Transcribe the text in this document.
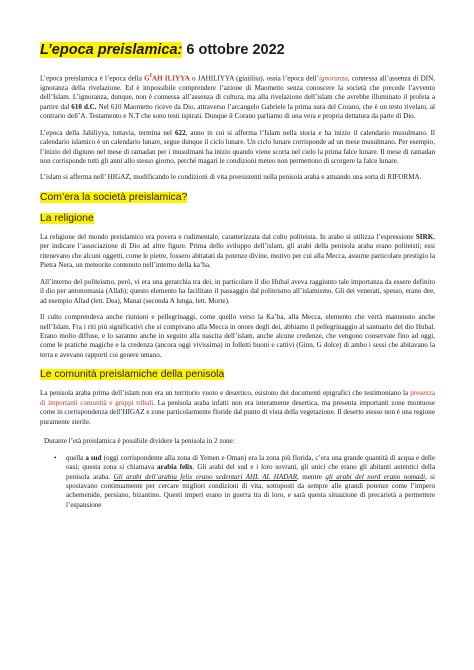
L’epoca preislamica: 6 ottobre 2022

L’epoca preislamica è l’epoca della $G^IAH$ ILIYYA o JAHILIYYA (giaiiliia), ossia l’epoca dell’ignoranza, connessa all’assenza di DIN, ignoranza della rivelazione. Ed è impossibile comprendere l’azione di Maometto senza conoscere la società che precede l’avvento dell’Islam. L’ignoranza, dunque, non è connessa all’assenza di cultura, ma alla rivelazione dell’islam che avrebbe illuminato il profeta a partire dal 610 d.C. Nel 610 Maometto riceve da Dio, attraverso l’arcangelo Gabriele la prima sura del Corano, che è un testo rivelato, al contrario dell’A. Testamento e N.T che sono testi ispirati. Dunque il Corano parliamo di una vera e propria dettatura da parte di Dio.

L’epoca della Jahiliyya, tuttavia, termina nel 622, anno in cui si afferma l’Islam nella storia e ha inizio il calendario musulmano. Il calendario islamico è un calendario lunare, segue dunque il ciclo lunare. Un ciclo lunare corrisponde ad un mese musulmano. Per esempio, l’inizio del digiuno nel mese di ramadan per i musulmani ha inizio quando viene scorta nel cielo la prima falce lunare. Il mese di ramadan non corrisponde tutti gli anni allo stesso giorno, perché magari le condizioni meteo non permettono di scorgere la falce lunare.

L’islam si afferma nell’ HIGAZ, modificando le condizioni di vita preesistenti nella penisola araba e attuando una sorta di RIFORMA.

Com’era la società preislamica?
La religione

La religione del mondo preislamico era povera e rudimentale, caratterizzata dal culto politeista. In arabo si utilizza l’espressione SIRK, per indicare l’associazione di Dio ad altre figure. Prima dello sviluppo dell’islam, gli arabi della penisola araba erano politeisti; essi ritenevano che alcuni oggetti, come le pietre, fossero abitatati da potenze divine, motivo per cui alla Mecca, assume particolare prestigio la Pietra Nera, un meteorite contenuto nell’interno della ka’ba.

All’interno del politeismo, però, vi era una gerarchia tra dei, in particolare il dio Hubal aveva raggiunto tale importanza da essere definito il dio per antonomasia (Allah); questo elemento ha facilitato il passaggio dal politeismo all’islamismo. Gli dei venerati, spesso, erano dee, ad esempio Allad (lett. Dea), Manat (seconda A lunga, lett. Morte).

Il culto comprendeva anche riunioni e pellegrinaggi, come quello verso la Ka’ba, alla Mecca, elemento che verrà mantenuto anche nell’Islam. Fra i riti più significativi che si compivano alla Mecca in onore degli dei, abbiamo il pellegrinaggio al santuario del dio Hubal. Erano molto diffuse, e lo saranno anche in seguito alla nascita dell’islam, anche alcune credenze, che vengono conservate fino ad oggi, come le pratiche magiche e la credenza (ancora oggi vivissima) in folletti buoni e cattivi (Ginn, G dolce) di ambo i sessi che abitavano la terra e avevano rapporti coi genere umano.

Le comunità preislamiche della penisola

La penisola araba prima dell’islam non era un territorio vuoto e desertico, esistono dei documenti epigrafici che testimoniano la presenza di importanti comunità e gruppi tribali. La penisola araba infatti non era interamente desertica, ma presenta importanti zone montuose come in corrispondenza dell’HIGAZ e zone particolarmente floride dal punto di vista della vegetazione. Il deserto stesso non è una regione puramente sterile.

Durante l’età preislamica è possibile dividere la penisola in 2 zone:

• quella a sud (oggi corrispondente alla zona di Yemen e Oman) era la zona più florida, c’era una grande quantità di acqua e delle oasi; questa zona si chiamava arabia felix. Gli arabi del sud e i loro sovrani, gli unici che erano gli abitanti autentici della penisola araba. Gli arabi dell’arabia felix erano sedentari AHL AL HADAR, mentre gli arabi del nord erano nomadi, si spostavano continuamente per cercare migliori condizioni di vita, sottoposti da sempre alle grandi potenze come l’impero achemenide, persiano, bizantino. Questi imperi erano in guerra tra di loro, e sarà questa situazione di precarietà a permettere l’espansione
